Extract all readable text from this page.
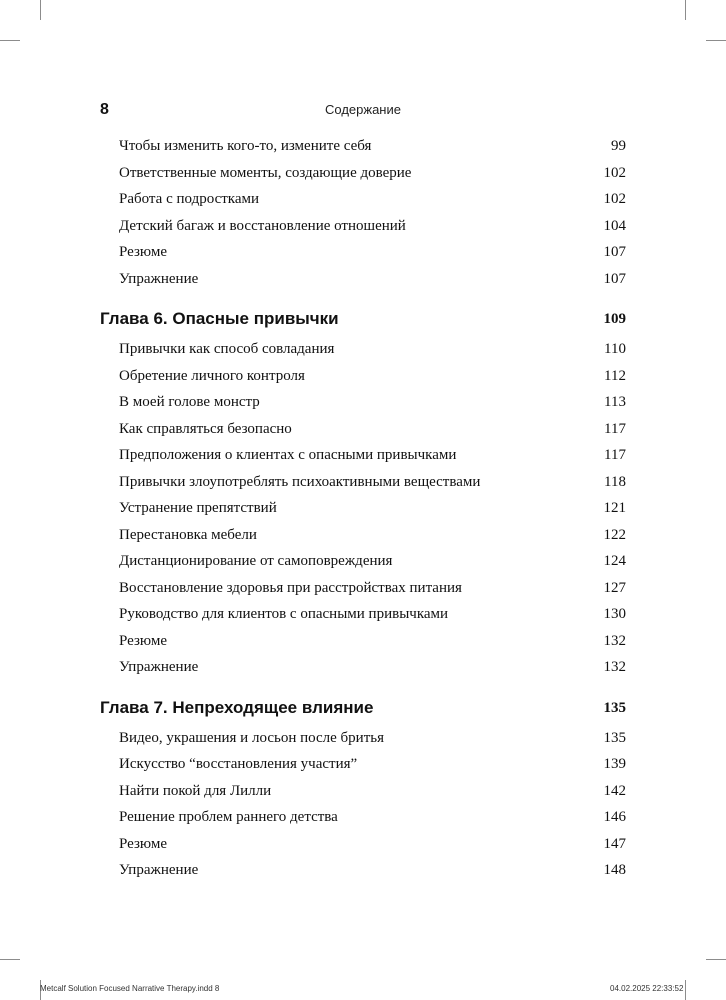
8	Содержание
Чтобы изменить кого-то, измените себя	99
Ответственные моменты, создающие доверие	102
Работа с подростками	102
Детский багаж и восстановление отношений	104
Резюме	107
Упражнение	107
Глава 6. Опасные привычки	109
Привычки как способ совладания	110
Обретение личного контроля	112
В моей голове монстр	113
Как справляться безопасно	117
Предположения о клиентах с опасными привычками	117
Привычки злоупотреблять психоактивными веществами	118
Устранение препятствий	121
Перестановка мебели	122
Дистанционирование от самоповреждения	124
Восстановление здоровья при расстройствах питания	127
Руководство для клиентов с опасными привычками	130
Резюме	132
Упражнение	132
Глава 7. Непреходящее влияние	135
Видео, украшения и лосьон после бритья	135
Искусство “восстановления участия”	139
Найти покой для Лилли	142
Решение проблем раннего детства	146
Резюме	147
Упражнение	148
Metcalf Solution Focused Narrative Therapy.indd 8	04.02.2025 22:33:52
